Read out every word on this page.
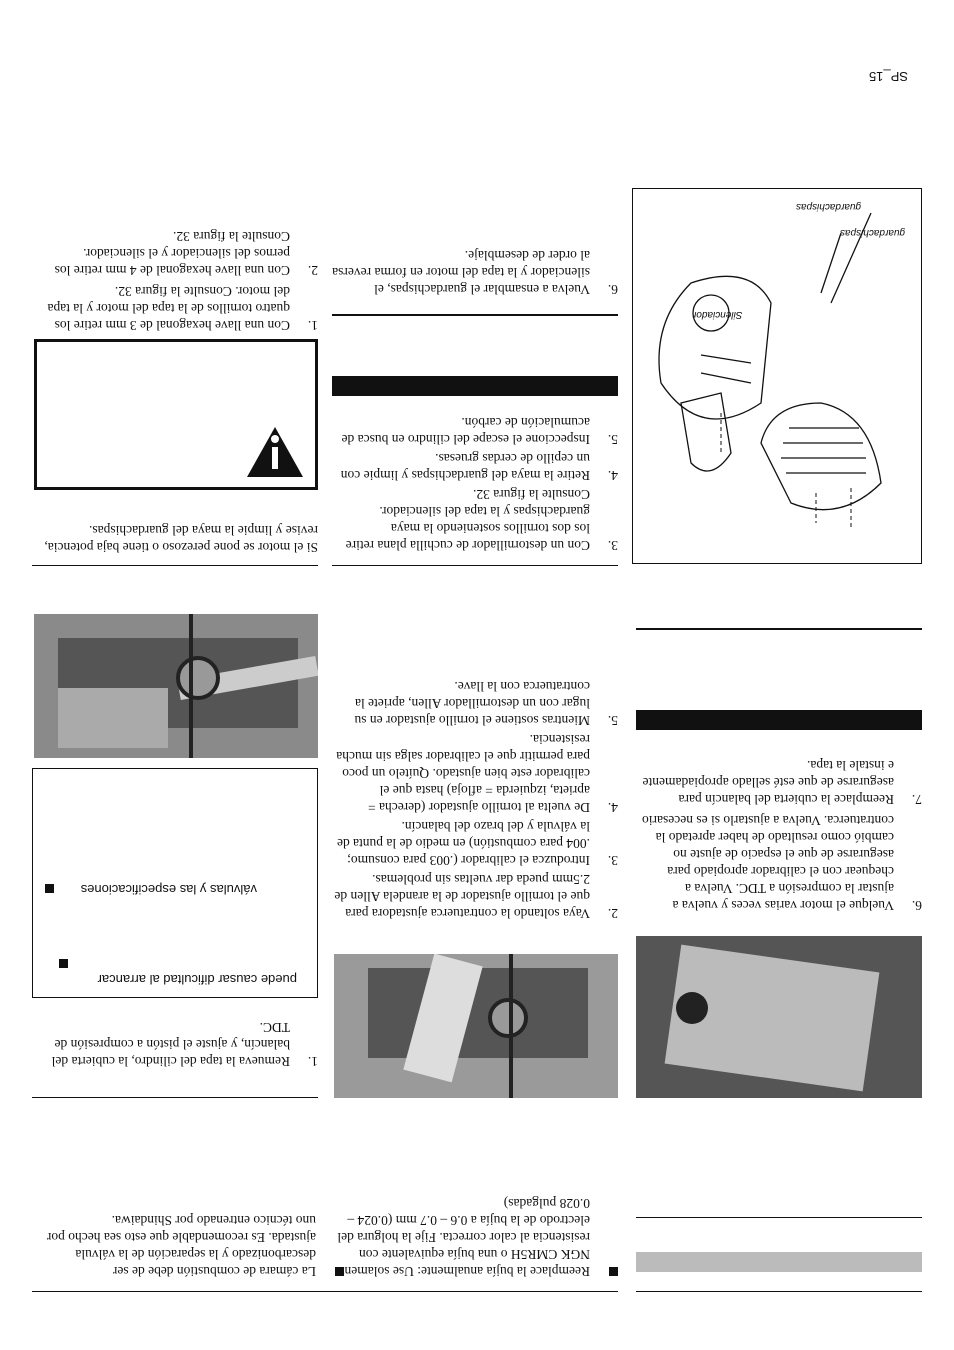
La cámara de combustión debe de ser descarbonizado y la separación de la válvula ajustada. Es recomendable que esto sea hecho por uno técnico entrenado por Shindaiwa.
1.
Remueva la tapa del cilindro, la cubierta del balancín, y ajuste el pistón a compresión de TDC.
puede causar dificultad al arrancar
válvulas y las especificaciones
Si el motor se pone perezoso o tiene baja potencia, revise y limpie la maya del guardachispas.
1.
Con una llave hexagonal de 3 mm retire los quatro tornillos de la tapa del motor y la tapa del motor. Consulte la figura 32.
2.
Con una llave hexagonal de 4 mm retire los pernos del silenciador y el silenciador. Consulte la figura 32.
Reemplace la bujía anualmente: Use solamente NGK CMR5H o una bujía equivalente con resistencia al calor correcta. Fije la holgura del electrodo de la bujía a 0.6 – 0.7 mm (0.024 – 0.028 pulgadas)
2.
Vaya soltando la contratuerca ajustadora para que el tornillo ajustador de la arandela Allen de 2.5mm pueda dar vueltas sin problemas.
3.
Introduzca el calibrador (.003 para consumo; .004 para combustión) en medio de la punta de la válvula y del brazo del balancín.
4.
De vuelta al tornillo ajustador (derecha = aprieta, izquierda = afloja) hasta que el calibrador este bien ajustado. Quítelo un poco para permitir que el calibrador salga sin mucha resistencia.
5.
Mientras sostiene el tornillo ajustador en su lugar con un destornillador Allen, apriete la contratuerca con la llave.
3.
Con un destornillador de cuchilla plana retire los dos tornillos sosteniendo la maya guardachispas y la tapa del silenciador. Consulte la figura 32.
4.
Retire la maya del guardachispas y limpie con un cepillo de cerdas gruesas.
5.
Inspeccione el escape del cilindro en busca de acumulación de carbón.
6.
Vuelva a ensamblar el guardachispas, el silenciador y la tapa del motor en forma reversa al order de desemblaje.
6.
Vuelque el motor varias veces y vuelva a ajustar la compresión a TDC. Vuelva a chequear con el calibrador apropiado para asegurarse de que el espacio de ajuste no cambió como resultado de haber apretado la contratuerca. Vuelva a ajustarlo si es necesario
7.
Reemplace la cubierta del balancín para asegurarse de que esté sellado apropiadamente e instale la tapa.
Silenciador
guardachispas
guardachispas
SP_15
